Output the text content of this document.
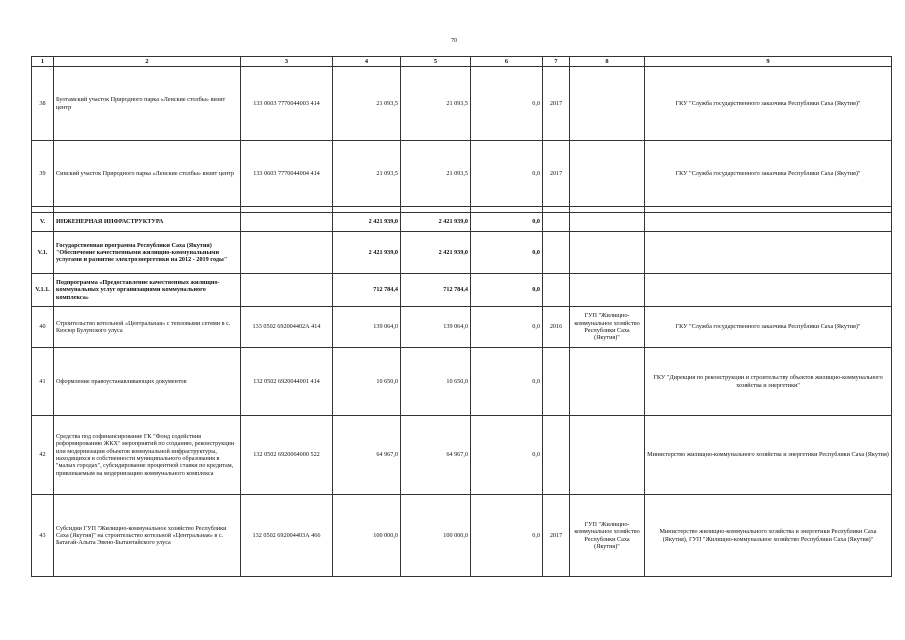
70
1	2	3	4	5	6	7	8	9
38	Буотамский участок Природного парка «Ленские столбы» визит центр	133 0603 7770044003 414	21 093,5	21 093,5	0,0	2017		ГКУ "Служба государственного заказчика Республики Саха (Якутия)"
39	Синский участок Природного парка «Ленские столбы» визит центр	133 0603 7770044004 414	21 093,5	21 093,5	0,0	2017		ГКУ "Служба государственного заказчика Республики Саха (Якутия)"

V.	ИНЖЕНЕРНАЯ ИНФРАСТРУКТУРА		2 421 939,0	2 421 939,0	0,0			
V.1.	Государственная программа Республики Саха (Якутия) "Обеспечение качественными жилищно-коммунальными услугами и развитие электроэнергетики на 2012 - 2019 годы"		2 421 939,0	2 421 939,0	0,0			
V.1.1.	Подпрограмма «Предоставление качественных жилищно-коммунальных услуг организациями коммунального комплекса»		712 784,4	712 784,4	0,0			
40	Строительство котельной «Центральная» с тепловыми сетями в с. Кюсюр Булунского улуса	133 0502 692004402А 414	139 064,0	139 064,0	0,0	2016	ГУП "Жилищно-коммунальное хозяйство Республики Саха (Якутия)"	ГКУ "Служба государственного заказчика Республики Саха (Якутия)"
41	Оформление правоустанавливающих документов	132 0502 6920044001 414	10 650,0	10 650,0	0,0			ГКУ "Дирекция по реконструкции и строительству объектов жилищно-коммунального хозяйства и энергетики"
42	Средства под софинансирование ГК "Фонд содействия реформированию ЖКХ" мероприятий по созданию, реконструкции или модернизации объектов коммунальной инфраструктуры, находящихся в собственности муниципального образования в "малых городах", субсидирование процентной ставки по кредитам, привлекаемым на модернизацию коммунального комплекса	132 0502 6920064000 522	64 967,0	64 967,0	0,0			Министерство жилищно-коммунального хозяйства и энергетики Республики Саха (Якутия)
43	Субсидии ГУП "Жилищно-коммунальное хозяйство Республики Саха (Якутия)" на строительство котельной «Центральная» в с. Батагай-Алыта Эвено-Бытантайского улуса	132 0502 692004403А 466	100 000,0	100 000,0	0,0	2017	ГУП "Жилищно-коммунальное хозяйство Республики Саха (Якутия)"	Министерство жилищно-коммунального хозяйства и энергетики Республики Саха (Якутия), ГУП "Жилищно-коммунальное хозяйство Республики Саха (Якутия)"
